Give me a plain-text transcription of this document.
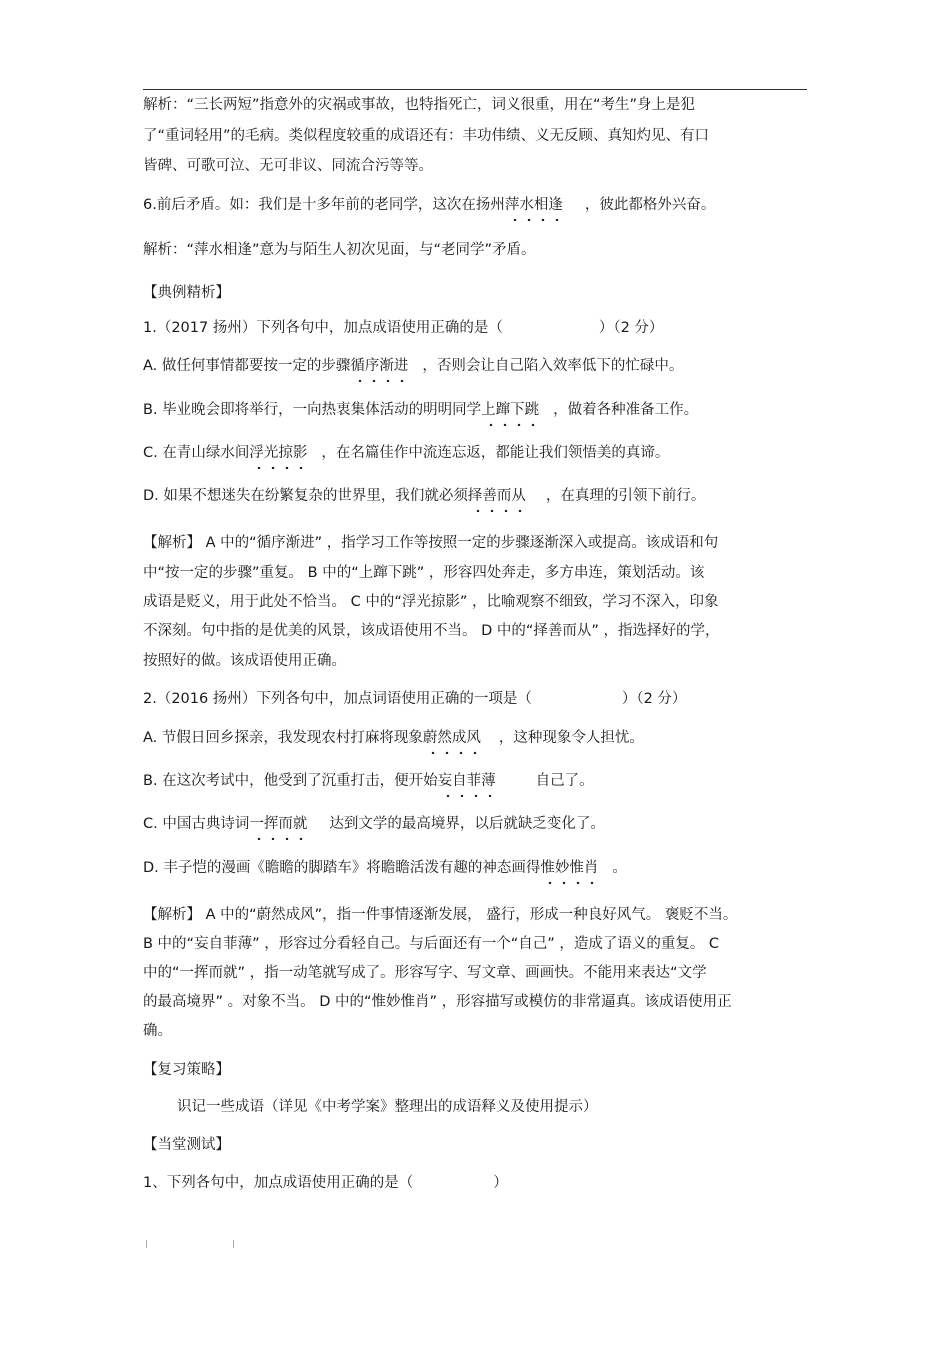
解析：“三长两短”指意外的灾祸或事故，也特指死亡，词义很重，用在“考生”身上是犯
了“重词轻用”的毛病。类似程度较重的成语还有：丰功伟绩、义无反顾、真知灼见、有口
皆碑、可歌可泣、无可非议、同流合污等等。
6.前后矛盾。如：我们是十多年前的老同学，这次在扬州萍水相逢 ，彼此都格外兴奋。
解析：“萍水相逢”意为与陌生人初次见面，与“老同学”矛盾。
【典例精析】
1.（2017 扬州）下列各句中，加点成语使用正确的是（	）（2 分）
A. 做任何事情都要按一定的步骤循序渐进 ，否则会让自己陷入效率低下的忙碌中。
B. 毕业晚会即将举行，一向热衷集体活动的明明同学上蹿下跳 ，做着各种准备工作。
C. 在青山绿水间浮光掠影 ，在名篇佳作中流连忘返，都能让我们领悟美的真谛。
D. 如果不想迷失在纷繁复杂的世界里，我们就必须择善而从 ，在真理的引领下前行。
【解析】 A 中的“循序渐进” ，指学习工作等按照一定的步骤逐渐深入或提高。该成语和句
中“按一定的步骤”重复。 B 中的“上蹿下跳” ，形容四处奔走，多方串连，策划活动。该
成语是贬义，用于此处不恰当。 C 中的“浮光掠影” ，比喻观察不细致，学习不深入，印象
不深刻。句中指的是优美的风景，该成语使用不当。 D 中的“择善而从” ，指选择好的学，
按照好的做。该成语使用正确。
2.（2016 扬州）下列各句中，加点词语使用正确的一项是（	）（2 分）
A. 节假日回乡探亲，我发现农村打麻将现象蔚然成风 ，这种现象令人担忧。
B. 在这次考试中，他受到了沉重打击，便开始妄自菲薄	自己了。
C. 中国古典诗词一挥而就 达到文学的最高境界，以后就缺乏变化了。
D. 丰子恺的漫画《瞻瞻的脚踏车》将瞻瞻活泼有趣的神态画得惟妙惟肖 。
【解析】 A 中的“蔚然成风”，指一件事情逐渐发展， 盛行，形成一种良好风气。 褒贬不当。
B 中的“妄自菲薄” ，形容过分看轻自己。与后面还有一个“自己” ，造成了语义的重复。 C
中的“一挥而就” ，指一动笔就写成了。形容写字、写文章、画画快。不能用来表达“文学
的最高境界” 。对象不当。 D 中的“惟妙惟肖” ，形容描写或模仿的非常逼真。该成语使用正
确。
【复习策略】
识记一些成语（详见《中考学案》整理出的成语释义及使用提示）
【当堂测试】
1、下列各句中，加点成语使用正确的是（	）
